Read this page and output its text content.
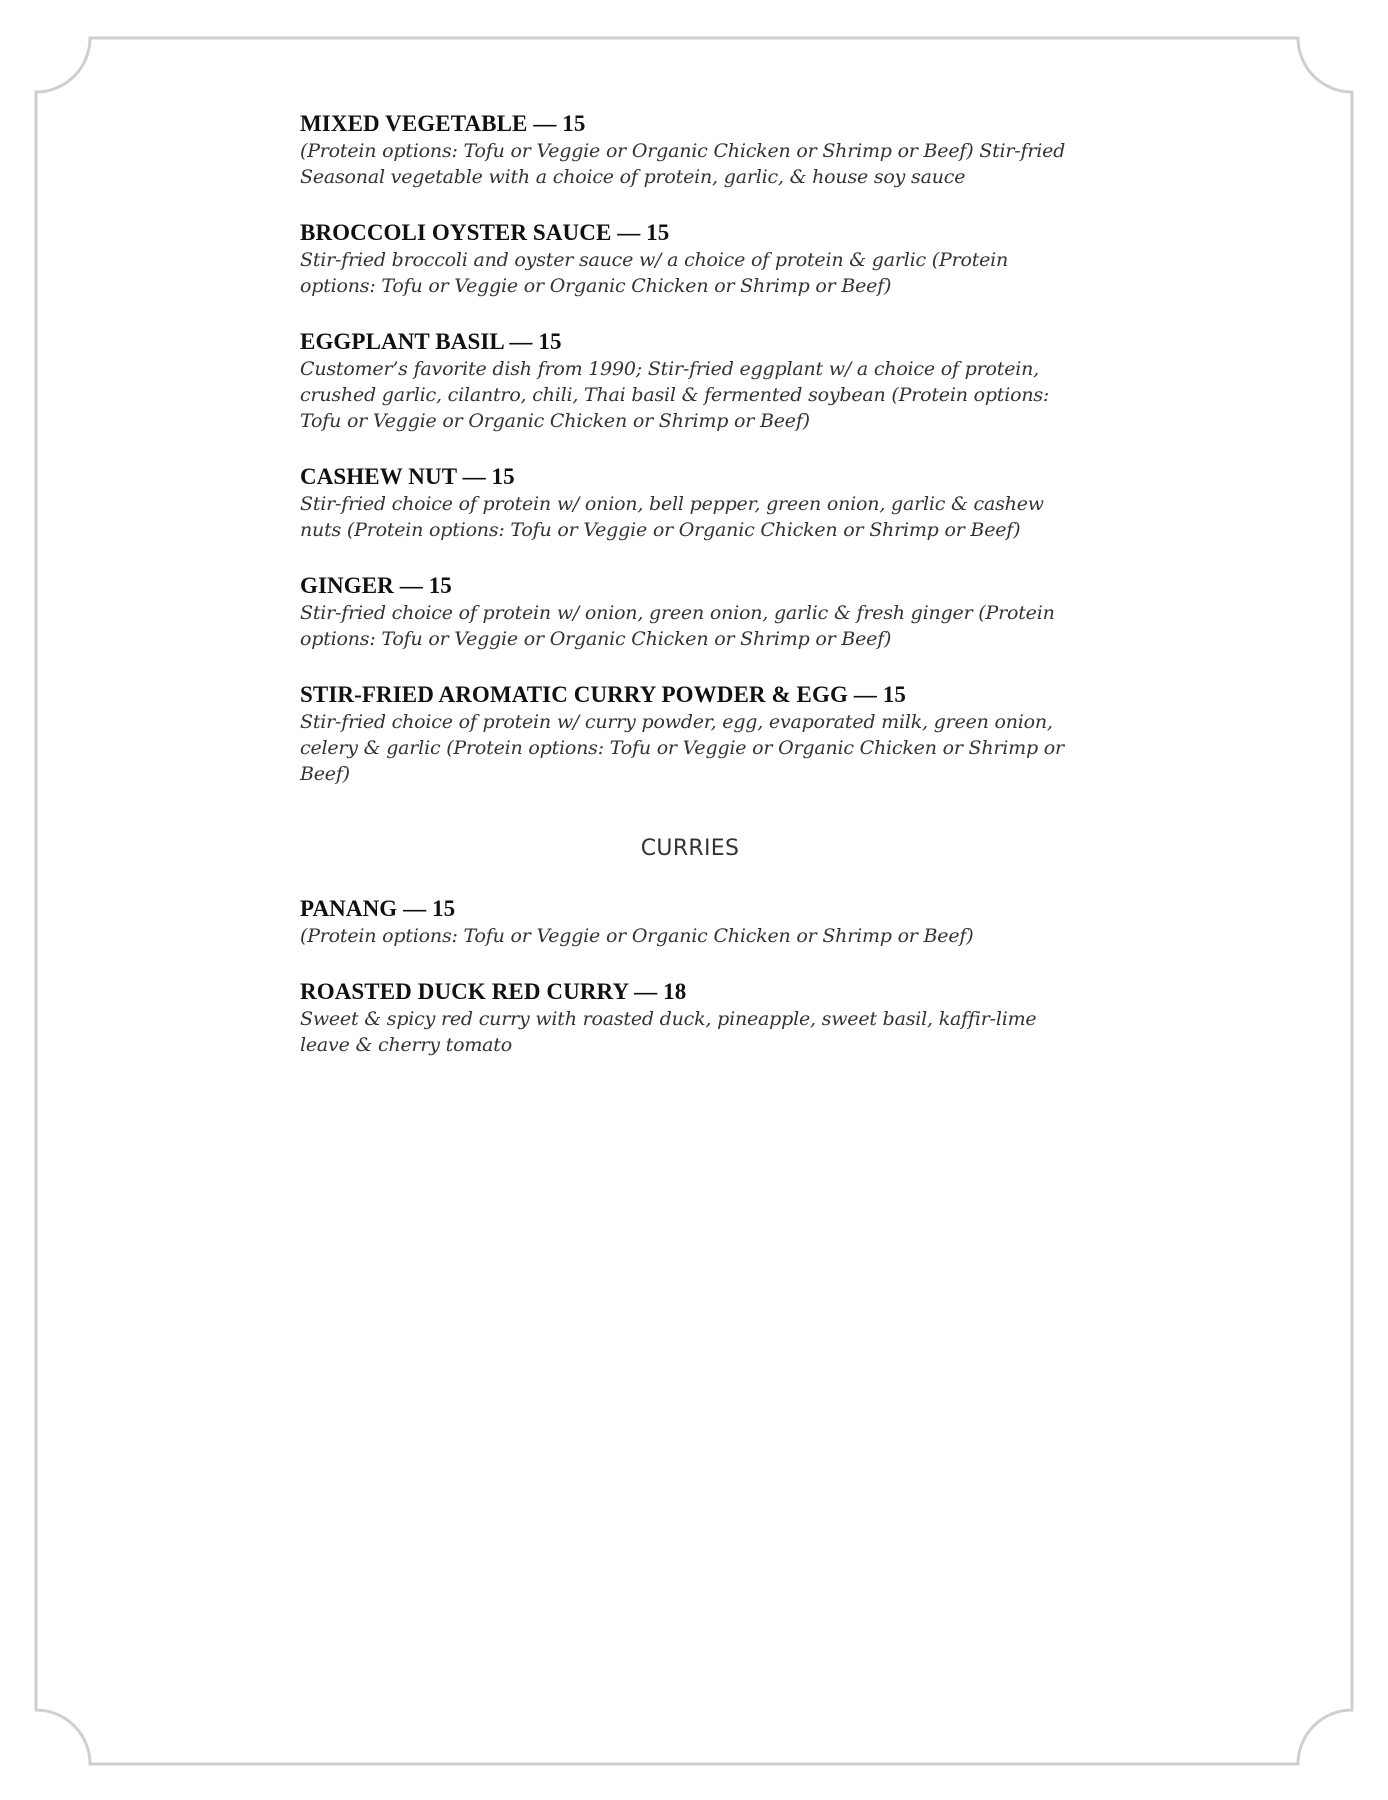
MIXED VEGETABLE — 15
(Protein options: Tofu or Veggie or Organic Chicken or Shrimp or Beef) Stir-fried Seasonal vegetable with a choice of protein, garlic, & house soy sauce
BROCCOLI OYSTER SAUCE — 15
Stir-fried broccoli and oyster sauce w/ a choice of protein & garlic (Protein options: Tofu or Veggie or Organic Chicken or Shrimp or Beef)
EGGPLANT BASIL — 15
Customer’s favorite dish from 1990; Stir-fried eggplant w/ a choice of protein, crushed garlic, cilantro, chili, Thai basil & fermented soybean (Protein options: Tofu or Veggie or Organic Chicken or Shrimp or Beef)
CASHEW NUT — 15
Stir-fried choice of protein w/ onion, bell pepper, green onion, garlic & cashew nuts (Protein options: Tofu or Veggie or Organic Chicken or Shrimp or Beef)
GINGER — 15
Stir-fried choice of protein w/ onion, green onion, garlic & fresh ginger (Protein options: Tofu or Veggie or Organic Chicken or Shrimp or Beef)
STIR-FRIED AROMATIC CURRY POWDER & EGG — 15
Stir-fried choice of protein w/ curry powder, egg, evaporated milk, green onion, celery & garlic (Protein options: Tofu or Veggie or Organic Chicken or Shrimp or Beef)
CURRIES
PANANG — 15
(Protein options: Tofu or Veggie or Organic Chicken or Shrimp or Beef)
ROASTED DUCK RED CURRY — 18
Sweet & spicy red curry with roasted duck, pineapple, sweet basil, kaffir-lime leave & cherry tomato
